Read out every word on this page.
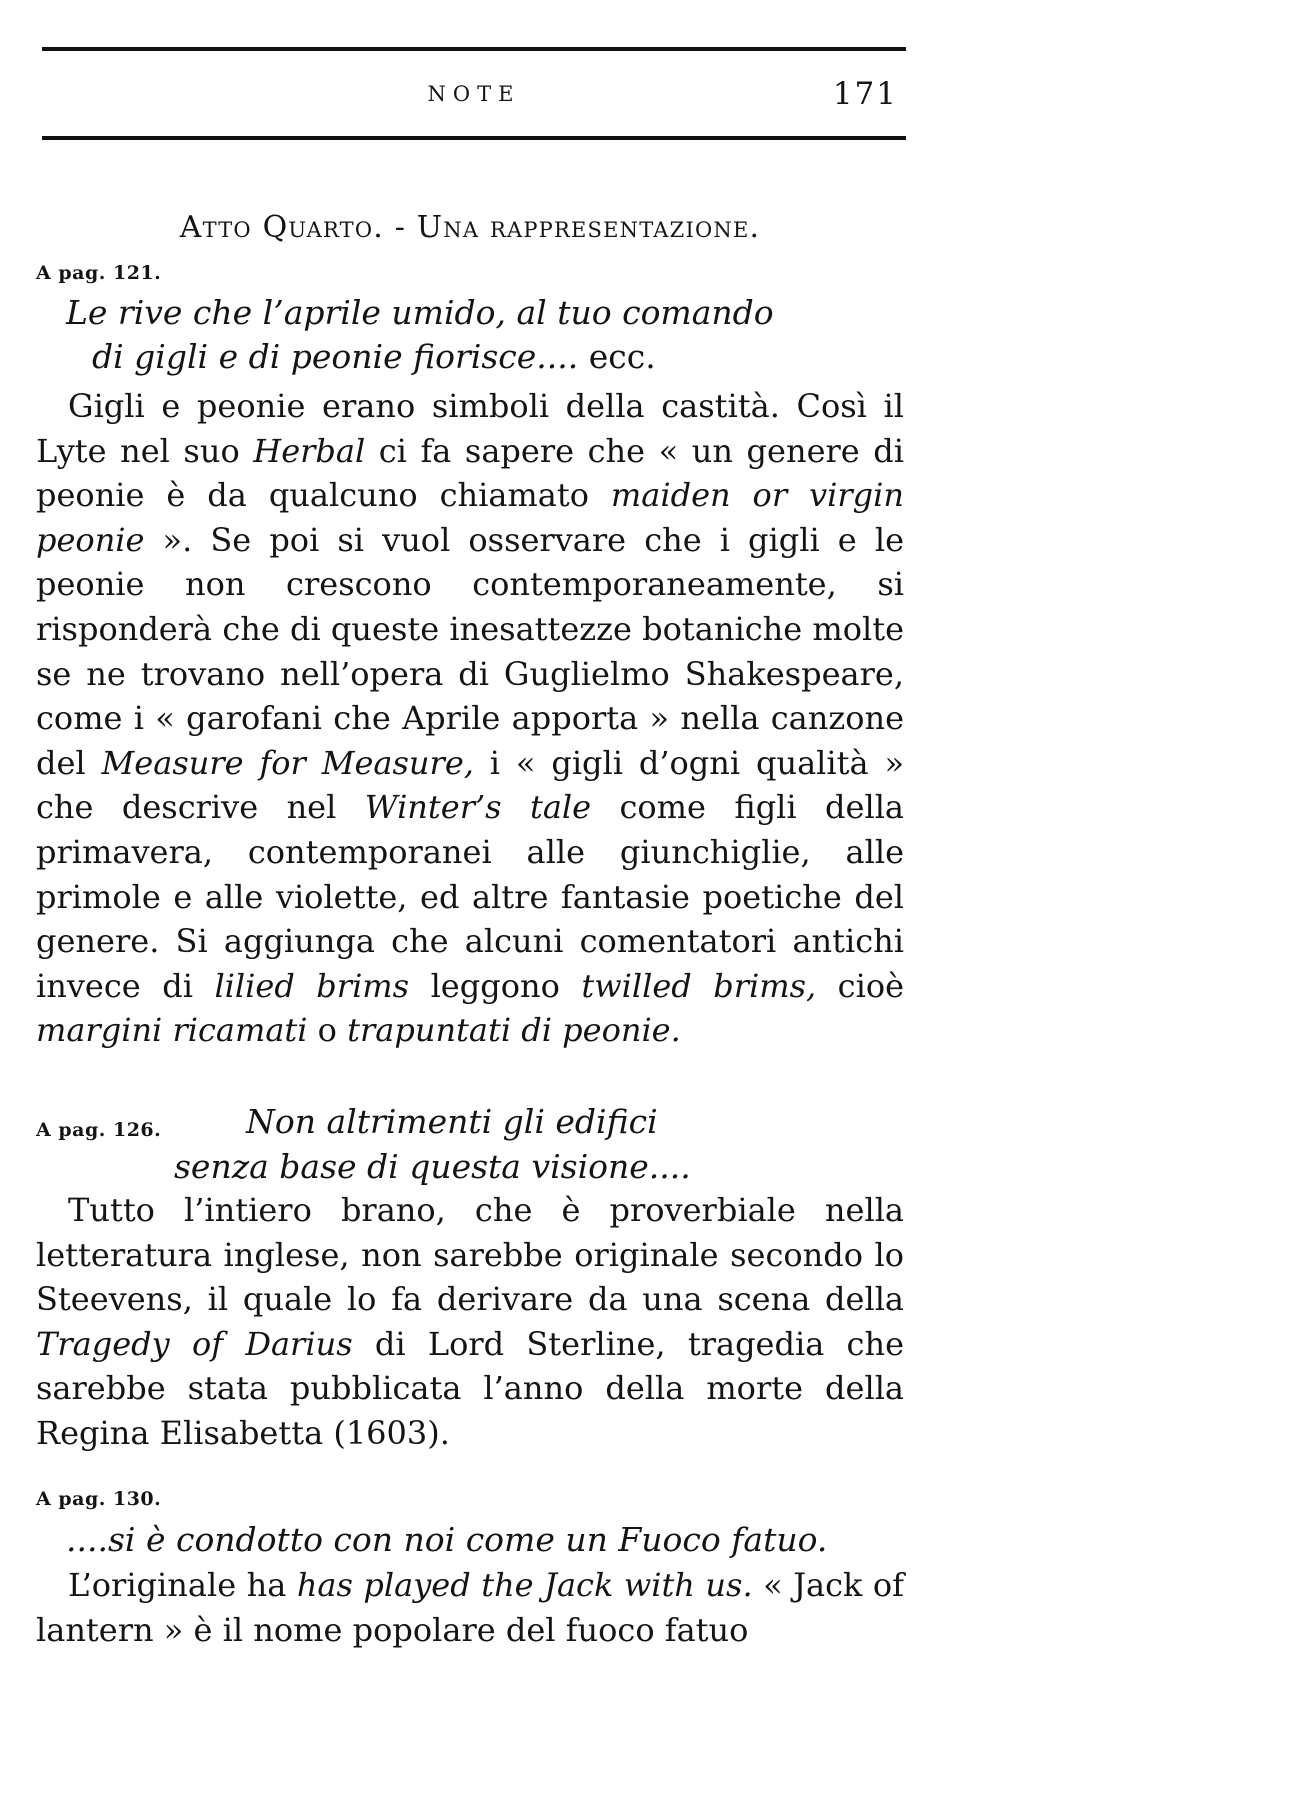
NOTE	171
Atto Quarto. - Una rappresentazione.
A pag. 121.
Le rive che l’aprile umido, al tuo comando
di gigli e di peonie fiorisce.... ecc.
Gigli e peonie erano simboli della castità. Così il Lyte nel suo Herbal ci fa sapere che « un genere di peonie è da qualcuno chiamato maiden or virgin peonie ». Se poi si vuol osservare che i gigli e le peonie non crescono contemporaneamente, si risponderà che di queste inesattezze botaniche molte se ne trovano nell’opera di Guglielmo Shakespeare, come i « garofani che Aprile apporta » nella canzone del Measure for Measure, i « gigli d’ogni qualità » che descrive nel Winter’s tale come figli della primavera, contemporanei alle giunchiglie, alle primole e alle violette, ed altre fantasie poetiche del genere. Si aggiunga che alcuni comentatori antichi invece di lilied brims leggono twilled brims, cioè margini ricamati o trapuntati di peonie.
A pag. 126.	Non altrimenti gli edifici
senza base di questa visione....
Tutto l’intiero brano, che è proverbiale nella letteratura inglese, non sarebbe originale secondo lo Steevens, il quale lo fa derivare da una scena della Tragedy of Darius di Lord Sterline, tragedia che sarebbe stata pubblicata l’anno della morte della Regina Elisabetta (1603).
A pag. 130.
....si è condotto con noi come un Fuoco fatuo.
L’originale ha has played the Jack with us. « Jack of lantern » è il nome popolare del fuoco fatuo
